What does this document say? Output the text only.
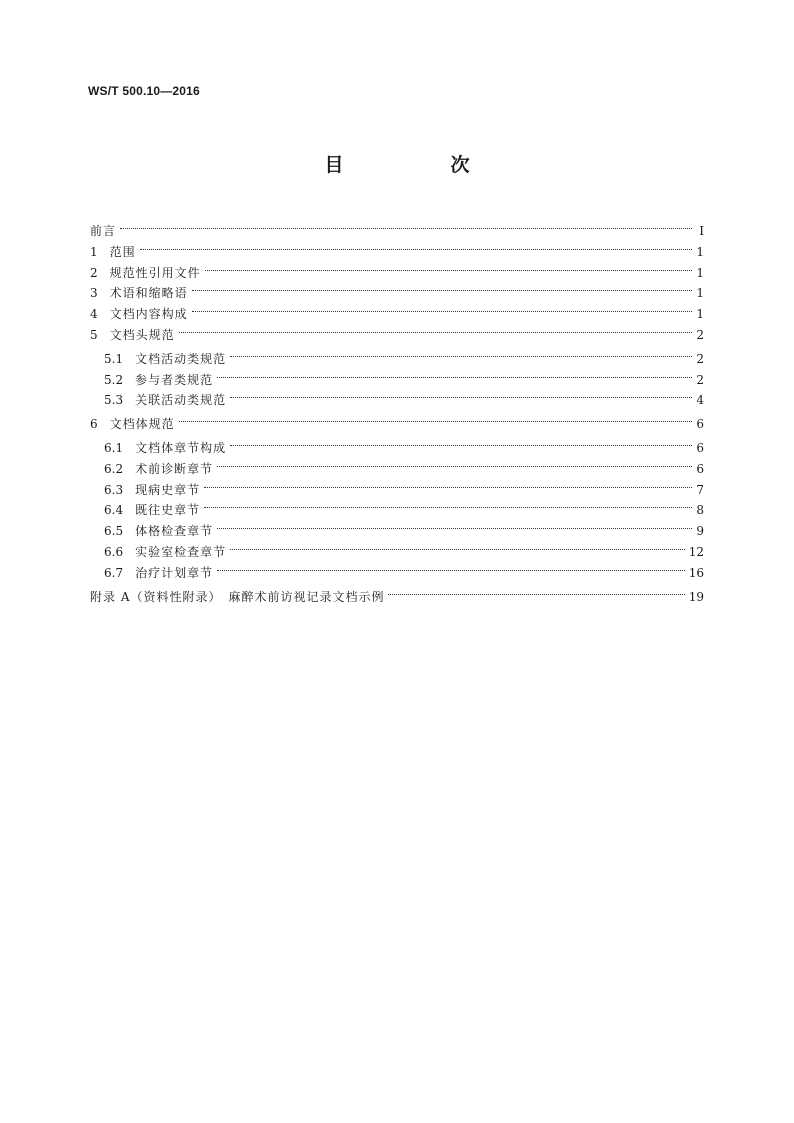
WS/T 500.10—2016
目　次
前言	Ⅰ
1 范围	1
2 规范性引用文件	1
3 术语和缩略语	1
4 文档内容构成	1
5 文档头规范	2
5.1 文档活动类规范	2
5.2 参与者类规范	2
5.3 关联活动类规范	4
6 文档体规范	6
6.1 文档体章节构成	6
6.2 术前诊断章节	6
6.3 现病史章节	7
6.4 既往史章节	8
6.5 体格检查章节	9
6.6 实验室检查章节	12
6.7 治疗计划章节	16
附录 A（资料性附录）　麻醉术前访视记录文档示例	19
